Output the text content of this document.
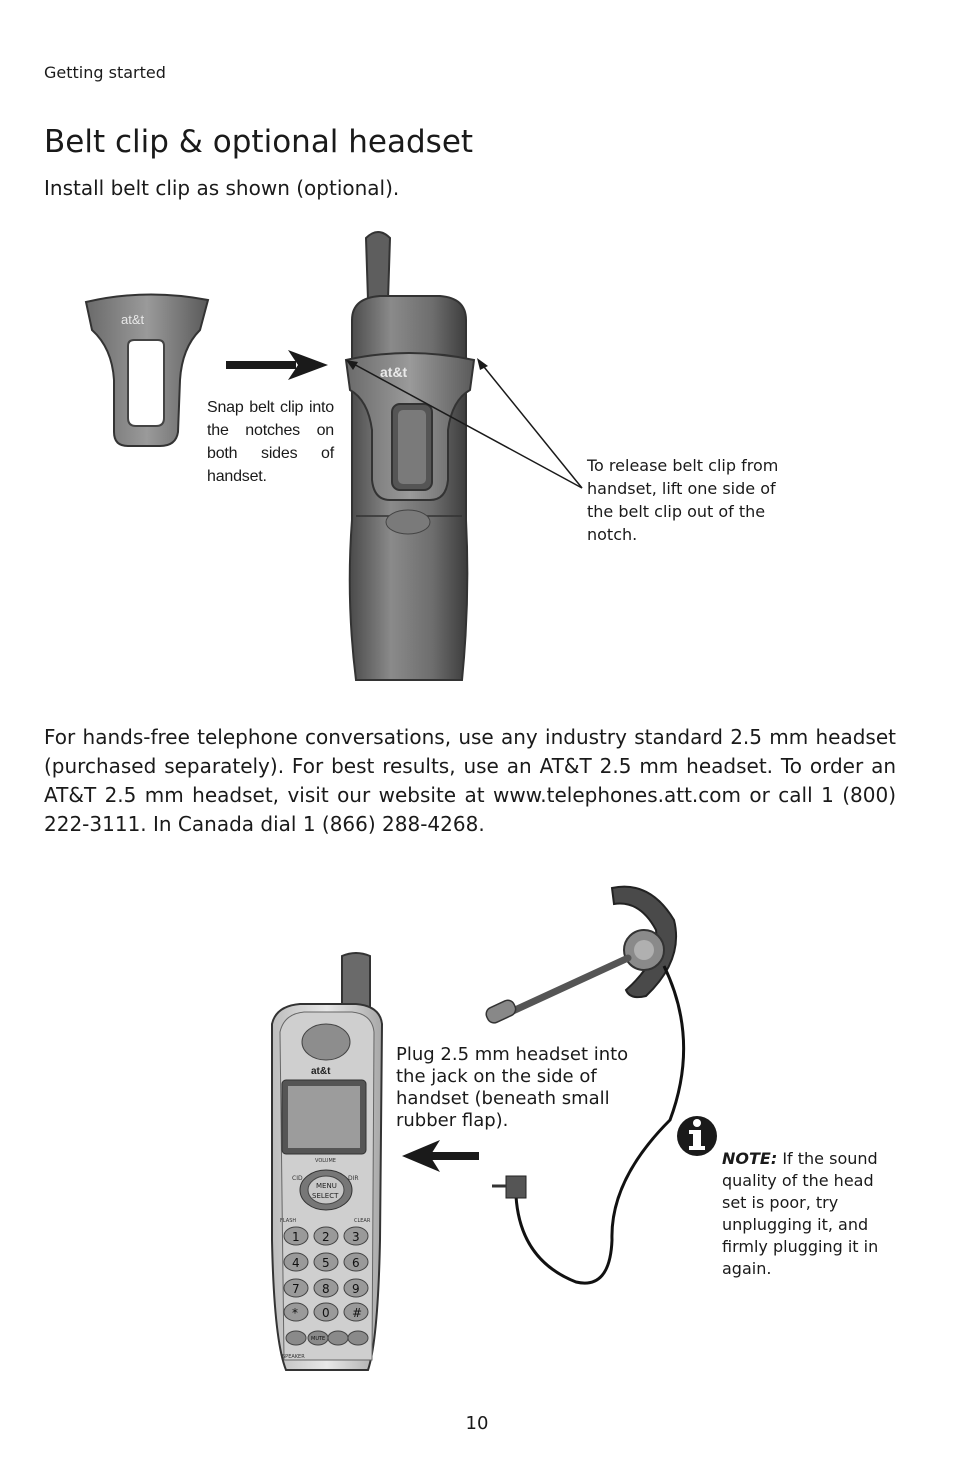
Getting started
Belt clip & optional headset
Install belt clip as shown (optional).
at&t
at&t
Snap belt clip into the notches on both sides of handset.
To release belt clip from handset, lift one side of the belt clip out of the notch.
For hands-free telephone conversations, use any industry standard 2.5 mm headset (purchased separately). For best results, use an AT&T 2.5 mm headset. To order an AT&T 2.5 mm headset, visit our website at www.telephones.att.com or call 1 (800) 222-3111. In Canada dial 1 (866) 288-4268.
at&t
VOLUME
CID	DIR
MENU
SELECT
FLASH	CLEAR
1 2 3
4 5 6
7 8 9
* 0 #
MUTE
SPEAKER
Plug 2.5 mm headset into the jack on the side of handset (beneath small rubber flap).
NOTE: If the sound quality of the head set is poor, try unplugging it, and firmly plugging it in again.
10
